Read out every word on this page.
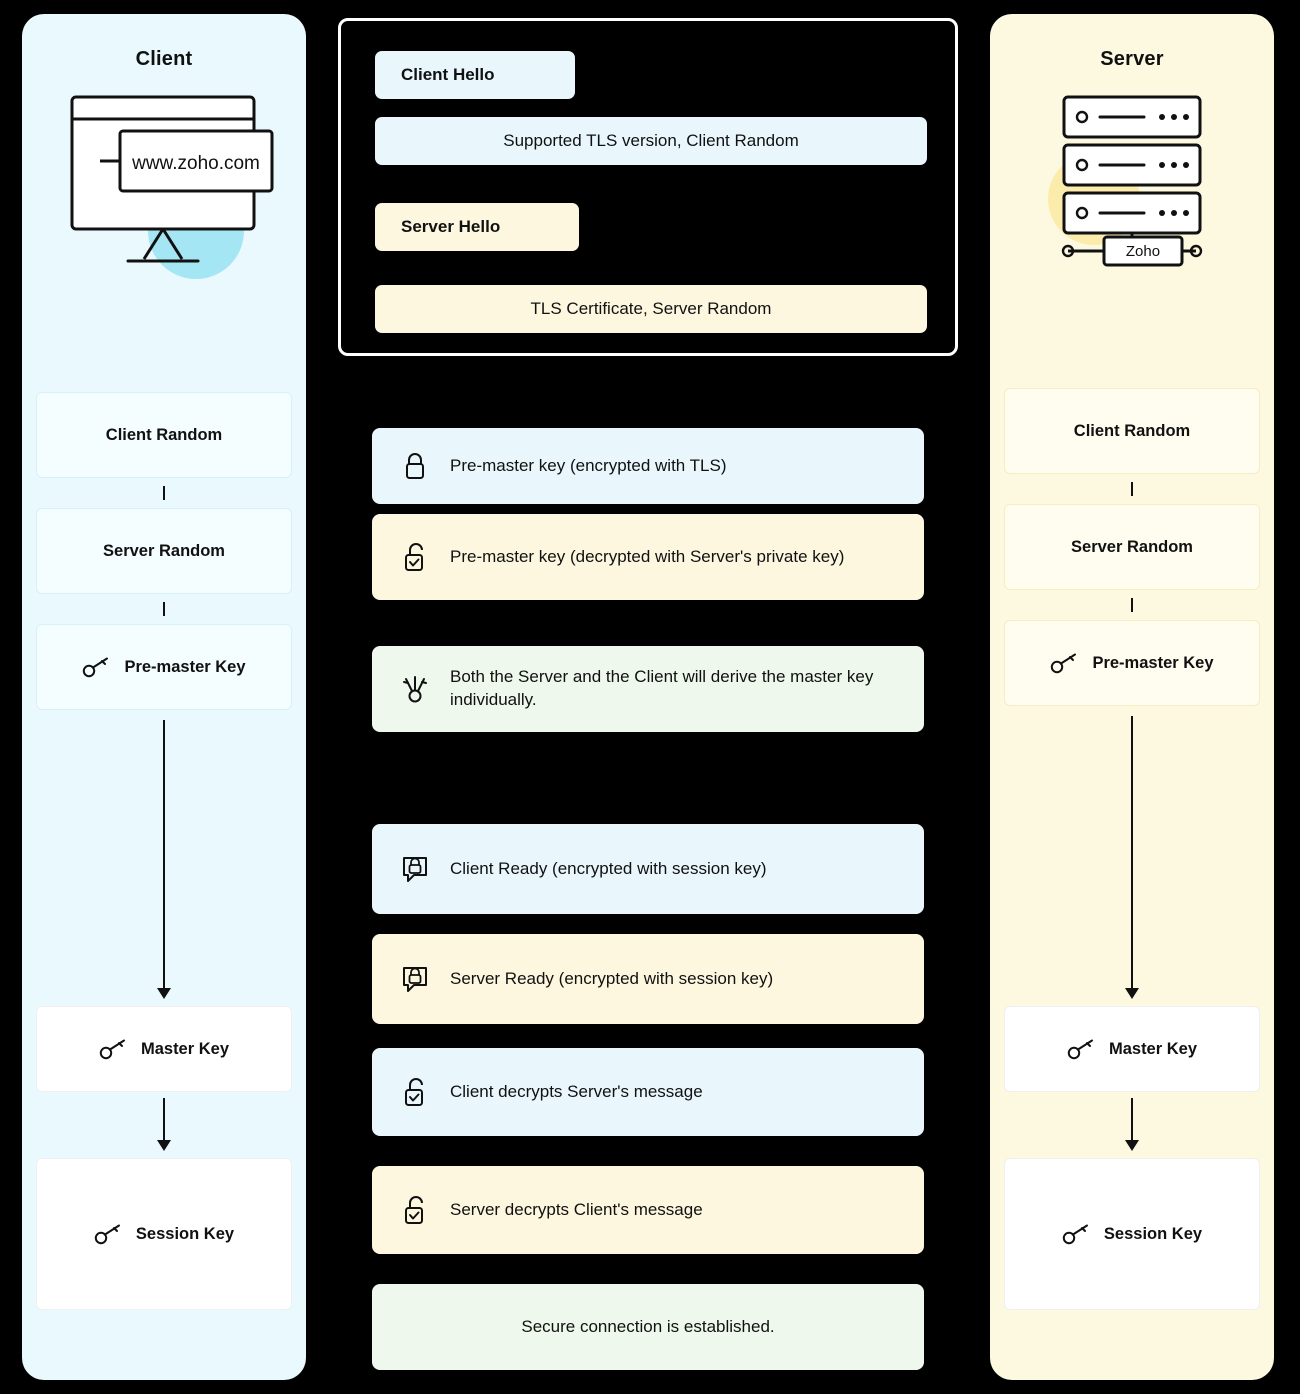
Client
www.zoho.com
Client Random
Server Random
Pre-master Key
Master Key
Session Key
Server
Zoho
Client Random
Server Random
Pre-master Key
Master Key
Session Key
Client Hello
Supported TLS version, Client Random
Server Hello
TLS Certificate, Server Random
Pre-master key (encrypted with TLS)
Pre-master key (decrypted with Server's private key)
Both the Server and the Client will derive the master key individually.
Client Ready (encrypted with session key)
Server Ready (encrypted with session key)
Client decrypts Server's message
Server decrypts Client's message
Secure connection is established.
